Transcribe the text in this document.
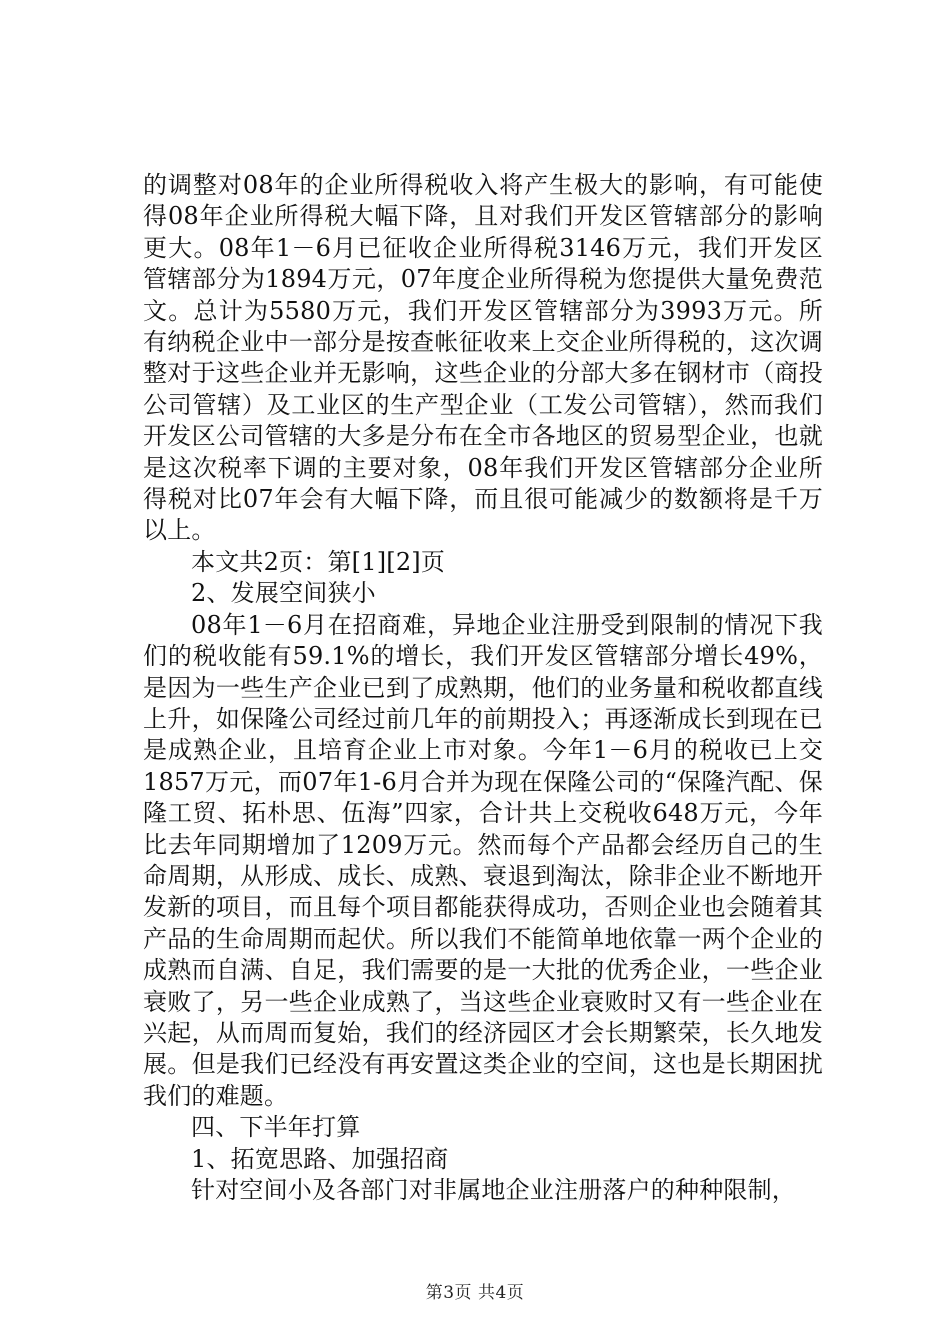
的调整对08年的企业所得税收入将产生极大的影响，有可能使得08年企业所得税大幅下降，且对我们开发区管辖部分的影响更大。08年1－6月已征收企业所得税3146万元，我们开发区管辖部分为1894万元，07年度企业所得税为您提供大量免费范文。总计为5580万元，我们开发区管辖部分为3993万元。所有纳税企业中一部分是按查帐征收来上交企业所得税的，这次调整对于这些企业并无影响，这些企业的分部大多在钢材市（商投公司管辖）及工业区的生产型企业（工发公司管辖），然而我们开发区公司管辖的大多是分布在全市各地区的贸易型企业，也就是这次税率下调的主要对象，08年我们开发区管辖部分企业所得税对比07年会有大幅下降，而且很可能减少的数额将是千万以上。

本文共2页：第[1][2]页

2、发展空间狭小

08年1－6月在招商难，异地企业注册受到限制的情况下我们的税收能有59.1%的增长，我们开发区管辖部分增长49%，是因为一些生产企业已到了成熟期，他们的业务量和税收都直线上升，如保隆公司经过前几年的前期投入；再逐渐成长到现在已是成熟企业，且培育企业上市对象。今年1－6月的税收已上交1857万元，而07年1-6月合并为现在保隆公司的“保隆汽配、保隆工贸、拓朴思、伍海”四家，合计共上交税收648万元，今年比去年同期增加了1209万元。然而每个产品都会经历自己的生命周期，从形成、成长、成熟、衰退到淘汰，除非企业不断地开发新的项目，而且每个项目都能获得成功，否则企业也会随着其产品的生命周期而起伏。所以我们不能简单地依靠一两个企业的成熟而自满、自足，我们需要的是一大批的优秀企业，一些企业衰败了，另一些企业成熟了，当这些企业衰败时又有一些企业在兴起，从而周而复始，我们的经济园区才会长期繁荣，长久地发展。但是我们已经没有再安置这类企业的空间，这也是长期困扰我们的难题。

四、下半年打算

1、拓宽思路、加强招商

针对空间小及各部门对非属地企业注册落户的种种限制，

第3页 共4页
